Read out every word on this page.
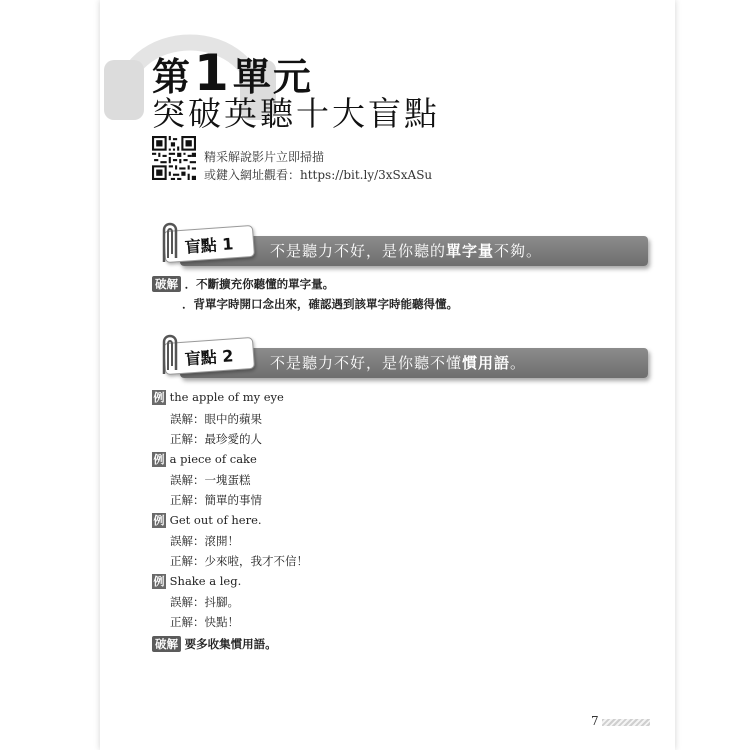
第 1 單元
突破英聽十大盲點
精采解說影片立即掃描
或鍵入網址觀看：https://bit.ly/3xSxASu
盲點 1	不是聽力不好，是你聽的單字量不夠。
破解 ．不斷擴充你聽懂的單字量。
．背單字時開口念出來，確認遇到該單字時能聽得懂。
盲點 2	不是聽力不好，是你聽不懂慣用語。
例 the apple of my eye
誤解：眼中的蘋果
正解：最珍愛的人
例 a piece of cake
誤解：一塊蛋糕
正解：簡單的事情
例 Get out of here.
誤解：滾開！
正解：少來啦，我才不信！
例 Shake a leg.
誤解：抖腳。
正解：快點！
破解 要多收集慣用語。
7
